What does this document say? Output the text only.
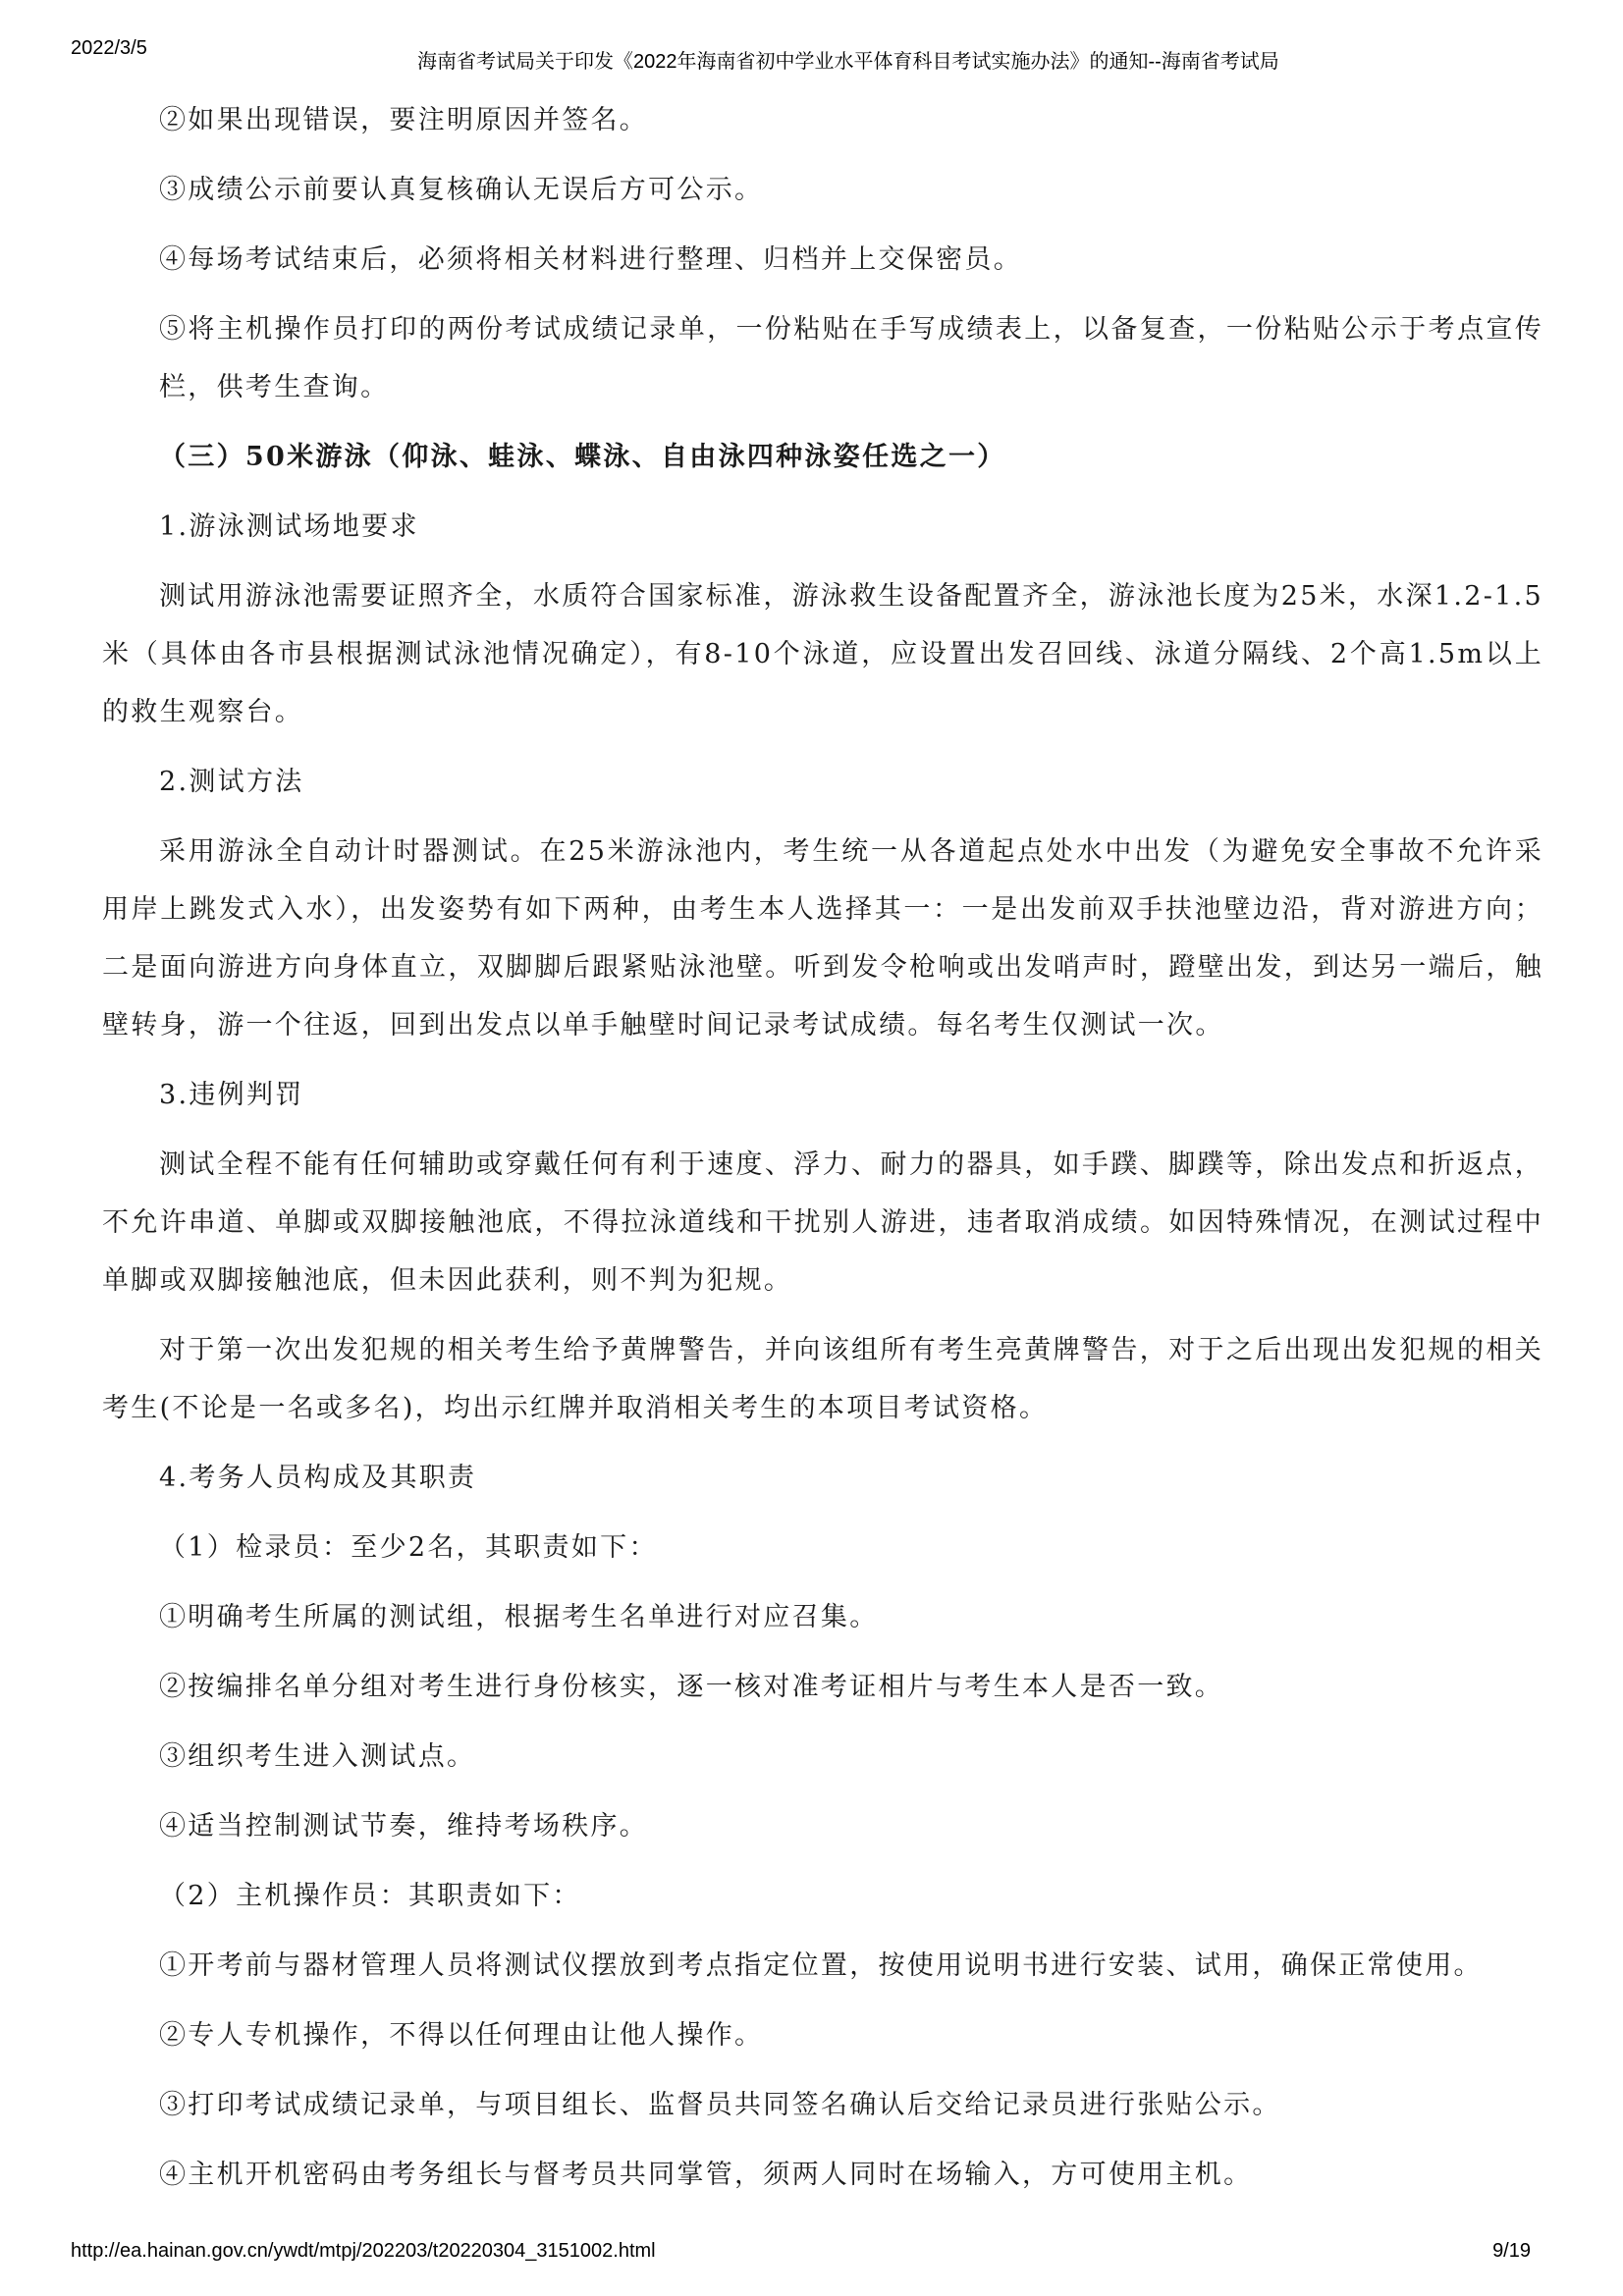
2022/3/5
海南省考试局关于印发《2022年海南省初中学业水平体育科目考试实施办法》的通知--海南省考试局

②如果出现错误，要注明原因并签名。

③成绩公示前要认真复核确认无误后方可公示。

④每场考试结束后，必须将相关材料进行整理、归档并上交保密员。

⑤将主机操作员打印的两份考试成绩记录单，一份粘贴在手写成绩表上，以备复查，一份粘贴公示于考点宣传栏，供考生查询。

（三）50米游泳（仰泳、蛙泳、蝶泳、自由泳四种泳姿任选之一）

1.游泳测试场地要求

测试用游泳池需要证照齐全，水质符合国家标准，游泳救生设备配置齐全，游泳池长度为25米，水深1.2-1.5米（具体由各市县根据测试泳池情况确定），有8-10个泳道，应设置出发召回线、泳道分隔线、2个高1.5m以上的救生观察台。

2.测试方法

采用游泳全自动计时器测试。在25米游泳池内，考生统一从各道起点处水中出发（为避免安全事故不允许采用岸上跳发式入水），出发姿势有如下两种，由考生本人选择其一：一是出发前双手扶池壁边沿，背对游进方向；二是面向游进方向身体直立，双脚脚后跟紧贴泳池壁。听到发令枪响或出发哨声时，蹬壁出发，到达另一端后，触壁转身，游一个往返，回到出发点以单手触壁时间记录考试成绩。每名考生仅测试一次。

3.违例判罚

测试全程不能有任何辅助或穿戴任何有利于速度、浮力、耐力的器具，如手蹼、脚蹼等，除出发点和折返点，不允许串道、单脚或双脚接触池底，不得拉泳道线和干扰别人游进，违者取消成绩。如因特殊情况，在测试过程中单脚或双脚接触池底，但未因此获利，则不判为犯规。

对于第一次出发犯规的相关考生给予黄牌警告，并向该组所有考生亮黄牌警告，对于之后出现出发犯规的相关考生(不论是一名或多名)，均出示红牌并取消相关考生的本项目考试资格。

4.考务人员构成及其职责

（1）检录员：至少2名，其职责如下：

①明确考生所属的测试组，根据考生名单进行对应召集。

②按编排名单分组对考生进行身份核实，逐一核对准考证相片与考生本人是否一致。

③组织考生进入测试点。

④适当控制测试节奏，维持考场秩序。

（2）主机操作员：其职责如下：

①开考前与器材管理人员将测试仪摆放到考点指定位置，按使用说明书进行安装、试用，确保正常使用。

②专人专机操作，不得以任何理由让他人操作。

③打印考试成绩记录单，与项目组长、监督员共同签名确认后交给记录员进行张贴公示。

④主机开机密码由考务组长与督考员共同掌管，须两人同时在场输入，方可使用主机。

http://ea.hainan.gov.cn/ywdt/mtpj/202203/t20220304_3151002.html	9/19
